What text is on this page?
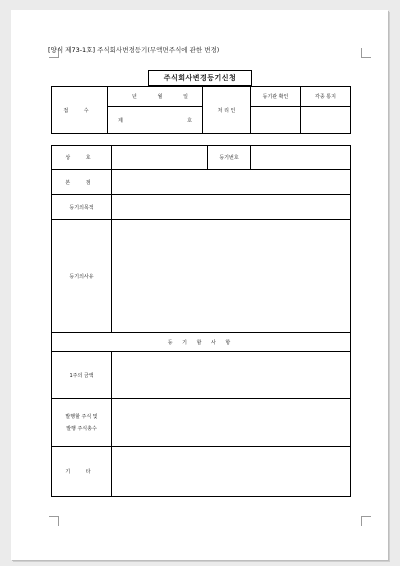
[양식 제73-1호] 주식회사변경등기(무액면주식에 관한 변경)
주식회사변경등기신청
접 수	년 월 일	처 리 인	등기관 확인	각종 통지

	제 호			

상 호		등기번호	
본 점			
등기의목적			
등기의사유			
등 기 할 사 항			
1주의 금액			

발행할 주식 및
발행 주식총수			

기 타			
